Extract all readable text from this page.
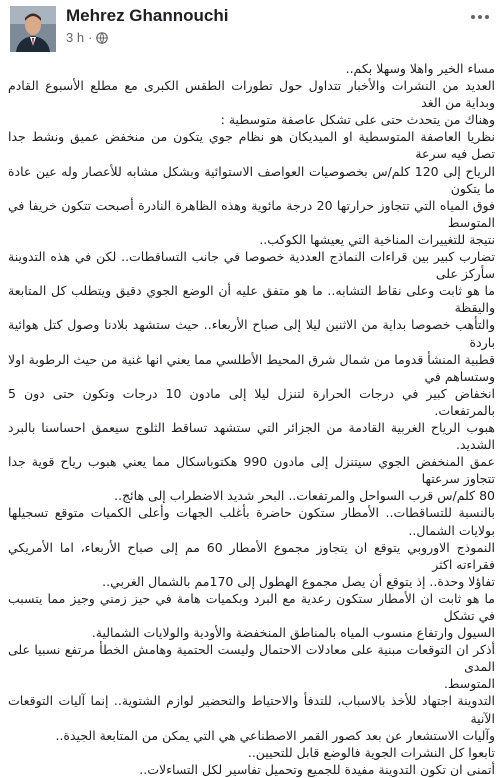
Mehrez Ghannouchi
3 h ·

مساء الخير واهلا وسهلا بكم..

العديد من النشرات والأخبار تتداول حول تطورات الطقس الكبرى مع مطلع الأسبوع القادم وبداية من الغد

وهناك من يتحدث حتى على تشكل عاصفة متوسطية :

نظريا العاصفة المتوسطية او الميديكان هو نظام جوي يتكون من منخفض عميق ونشط جدا تصل فيه سرعة

الرياح إلى 120 كلم/س بخصوصيات العواصف الاستوائية وبشكل مشابه للأعصار وله عين عادة ما يتكون

فوق المياه التي تتجاوز حرارتها 20 درجة مائوية وهذه الظاهرة النادرة أصبحت تتكون خريفا في المتوسط

نتيجة للتغييرات المناخية التي يعيشها الكوكب..

تضارب كبير بين قراءات النماذج العددية خصوصا في جانب التساقطات.. لكن في هذه التدوينة سأركز على

ما هو ثابت وعلى نقاط التشابه.. ما هو متفق عليه أن الوضع الجوي دقيق ويتطلب كل المتابعة واليقظة

والتأهب خصوصا بداية من الاثنين ليلا إلى صباح الأربعاء.. حيث ستشهد بلادنا وصول كتل هوائية باردة

قطبية المنشأ قدوما من شمال شرق المحيط الأطلسي مما يعني انها غنية من حيث الرطوبة اولا وستساهم في

انخفاض كبير في درجات الحرارة لتنزل ليلا إلى مادون 10 درجات وتكون حتى دون 5 بالمرتفعات.

هبوب الرياح الغربية القادمة من الجزائر التي ستشهد تساقط الثلوج سيعمق احساسنا بالبرد الشديد.

عمق المنخفض الجوي سيتنزل إلى مادون 990 هكتوباسكال مما يعني هبوب رياح قوية جدا تتجاوز سرعتها

80 كلم/س قرب السواحل والمرتفعات.. البحر شديد الاضطراب إلى هائج..

بالنسبة للتساقطات.. الأمطار ستكون حاضرة بأغلب الجهات وأعلى الكميات متوقع تسجيلها بولايات الشمال..

النموذج الاوروبي يتوقع ان يتجاوز مجموع الأمطار 60 مم إلى صباح الأربعاء، اما الأمريكي فقراءته اكثر

تفاؤلا وحدة.. إذ يتوقع أن يصل مجموع الهطول إلى 170مم بالشمال الغربي..

ما هو ثابت ان الأمطار ستكون رعدية مع البرد وبكميات هامة في حيز زمني وجيز مما يتسبب في تشكل

السيول وارتفاع منسوب المياه بالمناطق المنخفضة والأودية والولايات الشمالية.

أذكر ان التوقعات مبنية على معادلات الاحتمال وليست الحتمية وهامش الخطأ مرتفع نسبيا على المدى

المتوسط.

التدوينة اجتهاد للأخذ بالاسباب، للتدفأ والاحتياط والتحضير لوازم الشتوية.. إنما آليات التوقعات الآنية

وآليات الاستشعار عن بعد كصور القمر الاصطناعي هي التي يمكن من المتابعة الجيدة..

تابعوا كل النشرات الجوية فالوضع قابل للتحيين..

أتمنى ان تكون التدوينة مفيدة للجميع وتحميل تفاسير لكل التساءلات..
